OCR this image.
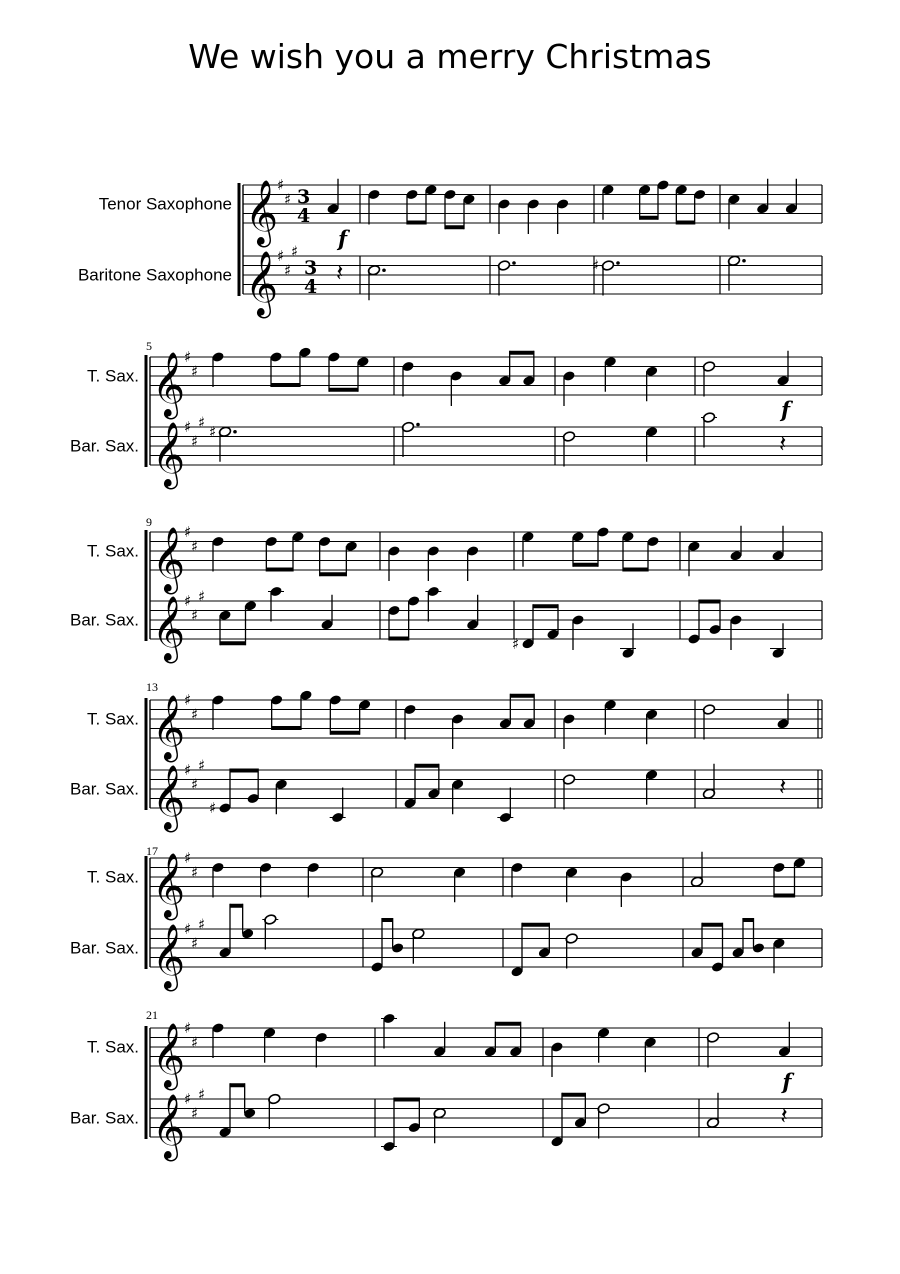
We wish you a merry Christmas
Tenor Saxophone
Baritone Saxophone
𝄞
♯
♯ 3
4
𝄞
♯
♯
♯
3
4
𝄽
f
♯
T. Sax.
Bar. Sax.
5
𝄞
♯
♯
𝄞
♯
♯
♯
♯	𝄽
f
T. Sax.
Bar. Sax.
9
𝄞
♯
♯
𝄞
♯
♯
♯
♯
T. Sax.
Bar. Sax.
13
𝄞
♯
♯
𝄞
♯
♯
♯
♯
𝄽
T. Sax.
Bar. Sax.
17
𝄞
♯
♯
𝄞
♯
♯
♯
T. Sax.
Bar. Sax.
21
𝄞
♯
♯
𝄞
♯
♯
♯
𝄽
f
